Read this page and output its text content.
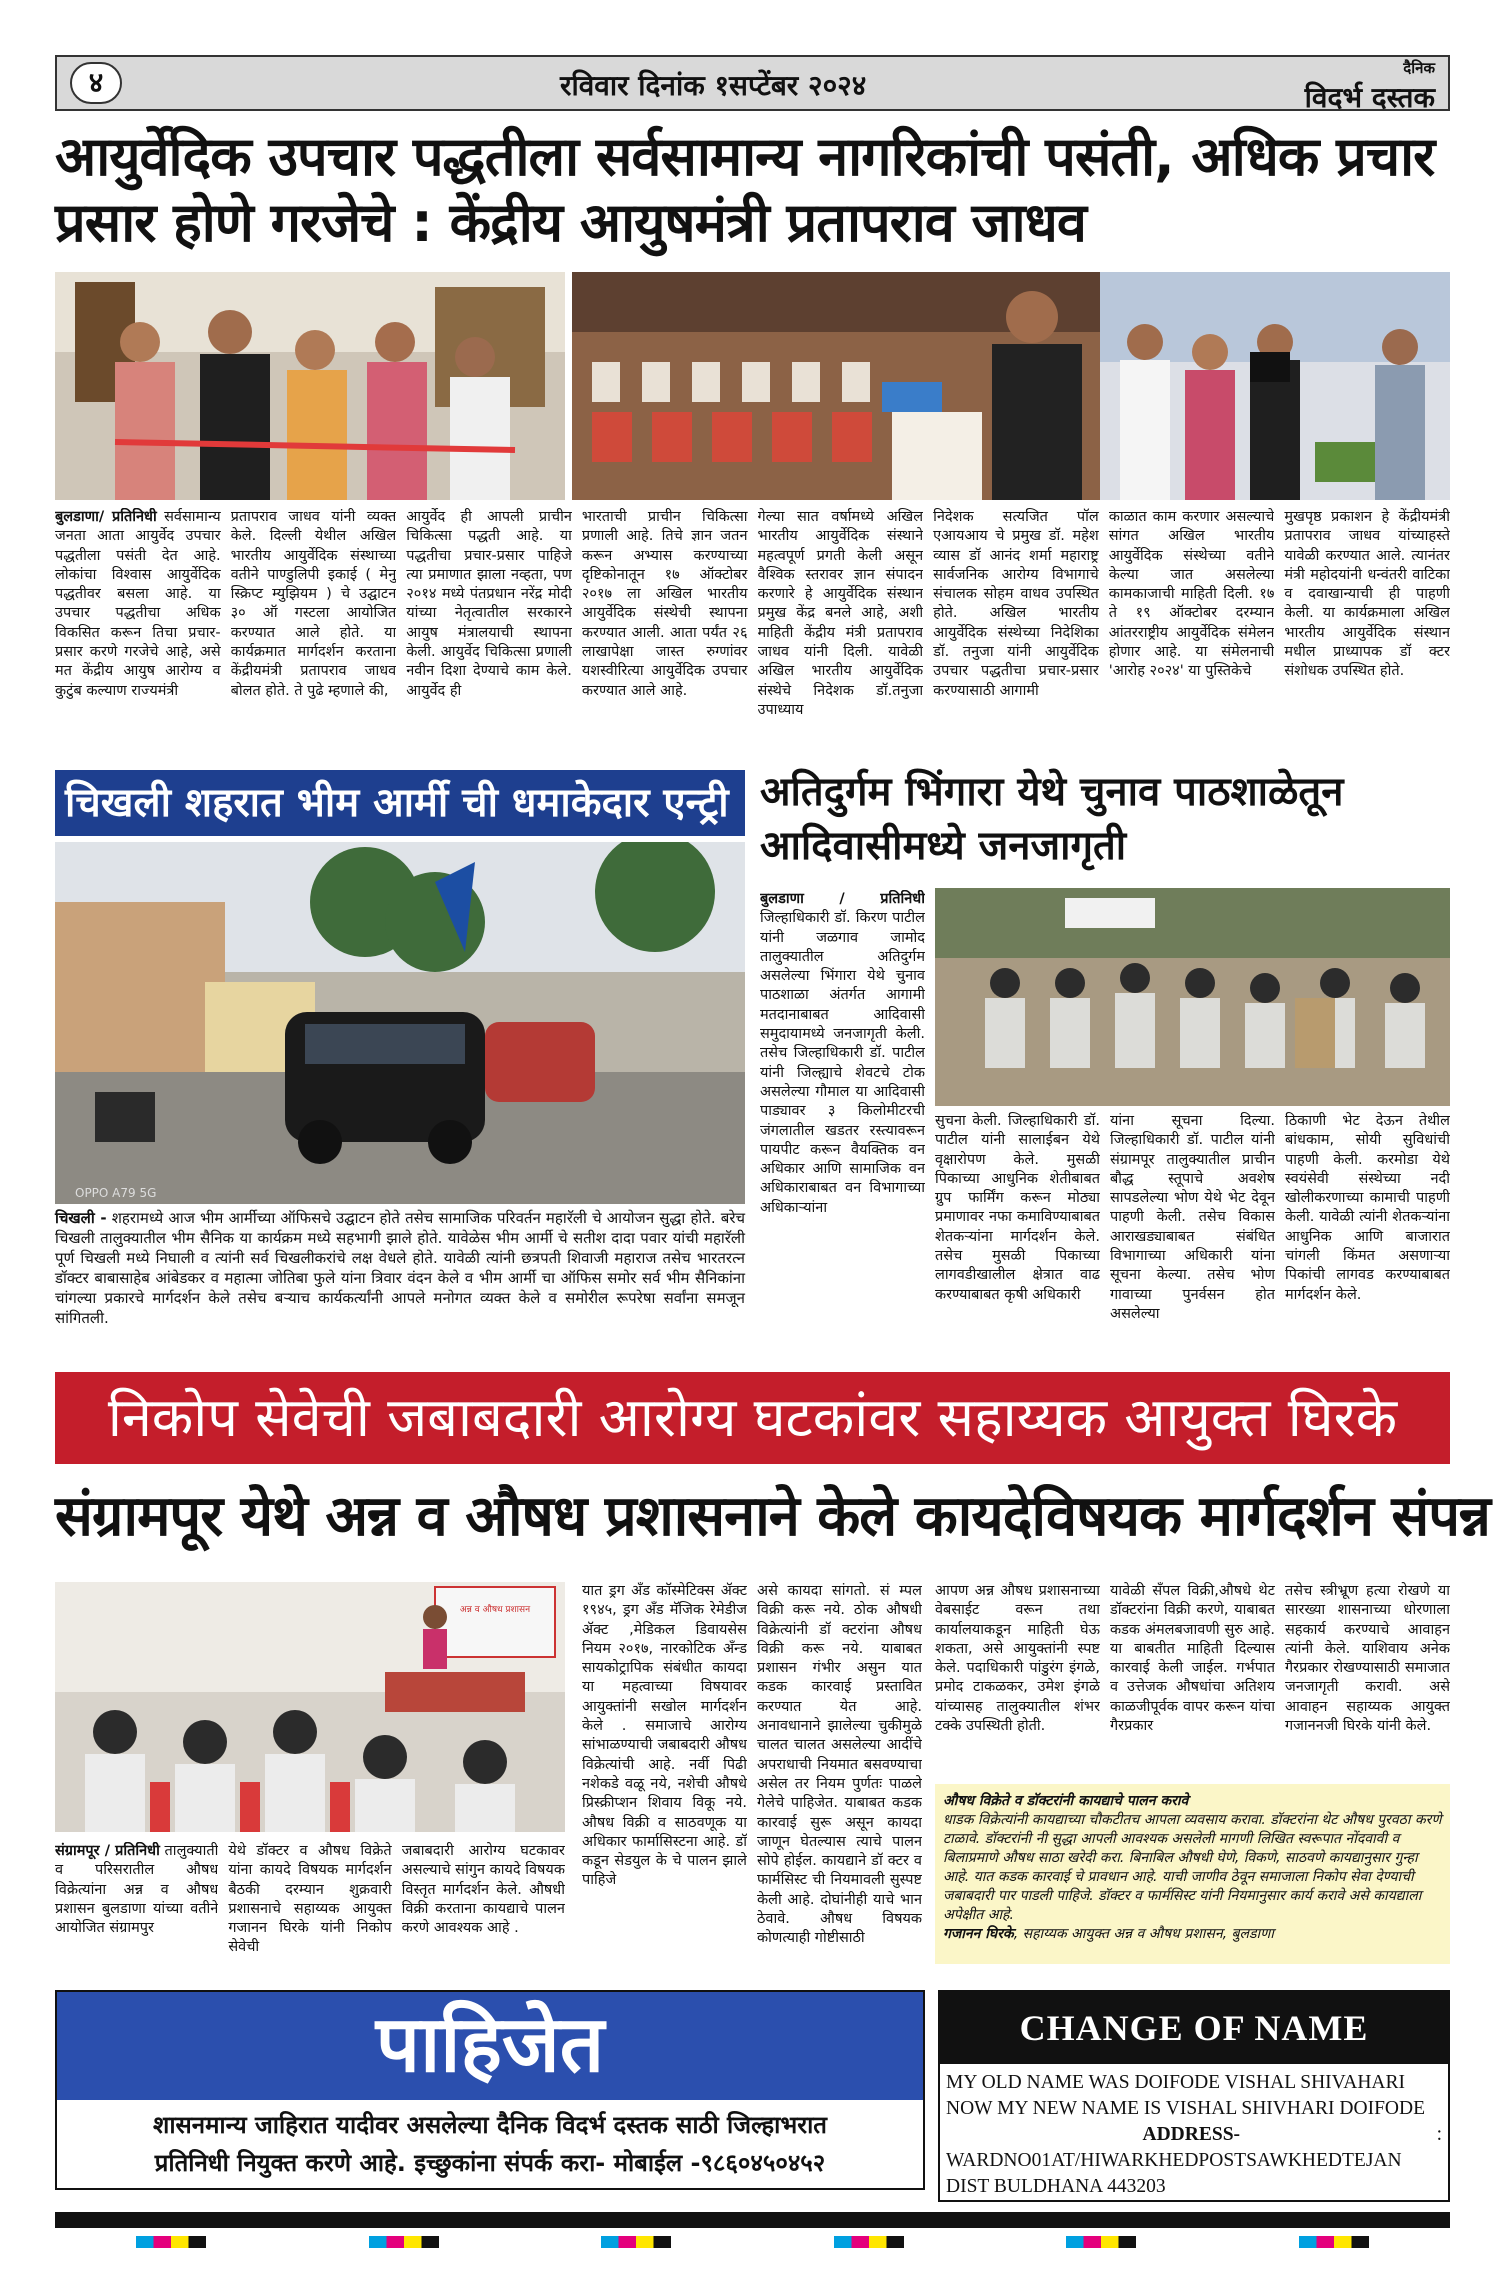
४	रविवार दिनांक १सप्टेंबर २०२४
दैनिक
विदर्भ दस्तक
आयुर्वेदिक उपचार पद्धतीला सर्वसामान्य नागरिकांची पसंती, अधिक प्रचार प्रसार होणे गरजेचे : केंद्रीय आयुषमंत्री प्रतापराव जाधव
बुलडाणा/ प्रतिनिधी सर्वसामान्य जनता आता आयुर्वेद उपचार पद्धतीला पसंती देत आहे. लोकांचा विश्वास आयुर्वेदिक पद्धतीवर बसला आहे. या उपचार पद्धतीचा अधिक विकसित करून तिचा प्रचार-प्रसार करणे गरजेचे आहे, असे मत केंद्रीय आयुष आरोग्य व कुटुंब कल्याण राज्यमंत्री
प्रतापराव जाधव यांनी व्यक्त केले. दिल्ली येथील अखिल भारतीय आयुर्वेदिक संस्थाच्या वतीने पाण्डुलिपी इकाई ( मेनु स्क्रिप्ट म्युझियम ) चे उद्घाटन ३० ऑ गस्टला आयोजित करण्यात आले होते. या कार्यक्रमात मार्गदर्शन करताना केंद्रीयमंत्री प्रतापराव जाधव बोलत होते. ते पुढे म्हणाले की,
आयुर्वेद ही आपली प्राचीन चिकित्सा पद्धती आहे. या पद्धतीचा प्रचार-प्रसार पाहिजे त्या प्रमाणात झाला नव्हता, पण २०१४ मध्ये पंतप्रधान नरेंद्र मोदी यांच्या नेतृत्वातील सरकारने आयुष मंत्रालयाची स्थापना केली. आयुर्वेद चिकित्सा प्रणाली नवीन दिशा देण्याचे काम केले. आयुर्वेद ही
भारताची प्राचीन चिकित्सा प्रणाली आहे. तिचे ज्ञान जतन करून अभ्यास करण्याच्या दृष्टिकोनातून १७ ऑक्टोबर २०१७ ला अखिल भारतीय आयुर्वेदिक संस्थेची स्थापना करण्यात आली. आता पर्यंत २६ लाखापेक्षा जास्त रुग्णांवर यशस्वीरित्या आयुर्वेदिक उपचार करण्यात आले आहे.
गेल्या सात वर्षामध्ये अखिल भारतीय आयुर्वेदिक संस्थाने महत्वपूर्ण प्रगती केली असून वैश्विक स्तरावर ज्ञान संपादन करणारे हे आयुर्वेदिक संस्थान प्रमुख केंद्र बनले आहे, अशी माहिती केंद्रीय मंत्री प्रतापराव जाधव यांनी दिली. यावेळी अखिल भारतीय आयुर्वेदिक संस्थेचे निदेशक डॉ.तनुजा उपाध्याय
निदेशक सत्यजित पॉल एआयआय चे प्रमुख डॉ. महेश व्यास डॉ आनंद शर्मा महाराष्ट्र सार्वजनिक आरोग्य विभागाचे संचालक सोहम वाधव उपस्थित होते. अखिल भारतीय आयुर्वेदिक संस्थेच्या निदेशिका डॉ. तनुजा यांनी आयुर्वेदिक उपचार पद्धतीचा प्रचार-प्रसार करण्यासाठी आगामी
काळात काम करणार असल्याचे सांगत अखिल भारतीय आयुर्वेदिक संस्थेच्या वतीने केल्या जात असलेल्या कामकाजाची माहिती दिली. १७ ते १९ ऑक्टोबर दरम्यान आंतरराष्ट्रीय आयुर्वेदिक संमेलन होणार आहे. या संमेलनाची 'आरोह २०२४' या पुस्तिकेचे
मुखपृष्ठ प्रकाशन हे केंद्रीयमंत्री प्रतापराव जाधव यांच्याहस्ते यावेळी करण्यात आले. त्यानंतर मंत्री महोदयांनी धन्वंतरी वाटिका व दवाखान्याची ही पाहणी केली. या कार्यक्रमाला अखिल भारतीय आयुर्वेदिक संस्थान मधील प्राध्यापक डॉ क्टर संशोधक उपस्थित होते.
चिखली शहरात भीम आर्मी ची धमाकेदार एन्ट्री
OPPO A79 5G
चिखली - शहरामध्ये आज भीम आर्मीच्या ऑफिसचे उद्घाटन होते तसेच सामाजिक परिवर्तन महारॅली चे आयोजन सुद्धा होते. बरेच चिखली तालुक्यातील भीम सैनिक या कार्यक्रम मध्ये सहभागी झाले होते. यावेळेस भीम आर्मी चे सतीश दादा पवार यांची महारॅली पूर्ण चिखली मध्ये निघाली व त्यांनी सर्व चिखलीकरांचे लक्ष वेधले होते. यावेळी त्यांनी छत्रपती शिवाजी महाराज तसेच भारतरत्न डॉक्टर बाबासाहेब आंबेडकर व महात्मा जोतिबा फुले यांना त्रिवार वंदन केले व भीम आर्मी चा ऑफिस समोर सर्व भीम सैनिकांना चांगल्या प्रकारचे मार्गदर्शन केले तसेच बऱ्याच कार्यकर्त्यांनी आपले मनोगत व्यक्त केले व समोरील रूपरेषा सर्वांना समजून सांगितली.
अतिदुर्गम भिंगारा येथे चुनाव पाठशाळेतून आदिवासीमध्ये जनजागृती
बुलडाणा / प्रतिनिधी जिल्हाधिकारी डॉ. किरण पाटील यांनी जळगाव जामोद तालुक्यातील अतिदुर्गम असलेल्या भिंगारा येथे चुनाव पाठशाळा अंतर्गत आगामी मतदानाबाबत आदिवासी समुदायामध्ये जनजागृती केली. तसेच जिल्हाधिकारी डॉ. पाटील यांनी जिल्ह्याचे शेवटचे टोक असलेल्या गौमाल या आदिवासी पाड्यावर ३ किलोमीटरची जंगलातील खडतर रस्त्यावरून पायपीट करून वैयक्तिक वन अधिकार आणि सामाजिक वन अधिकाराबाबत वन विभागाच्या अधिकाऱ्यांना
सुचना केली. जिल्हाधिकारी डॉ. पाटील यांनी सालाईबन येथे वृक्षारोपण केले. मुसळी पिकाच्या आधुनिक शेतीबाबत ग्रुप फार्मिंग करून मोठ्या प्रमाणावर नफा कमाविण्याबाबत शेतकऱ्यांना मार्गदर्शन केले. तसेच मुसळी पिकाच्या लागवडीखालील क्षेत्रात वाढ करण्याबाबत कृषी अधिकारी
यांना सूचना दिल्या. जिल्हाधिकारी डॉ. पाटील यांनी संग्रामपूर तालुक्यातील प्राचीन बौद्ध स्तूपाचे अवशेष सापडलेल्या भोण येथे भेट देवून पाहणी केली. तसेच विकास आराखड्याबाबत संबंधित विभागाच्या अधिकारी यांना सूचना केल्या. तसेच भोण गावाच्या पुनर्वसन होत असलेल्या
ठिकाणी भेट देऊन तेथील बांधकाम, सोयी सुविधांची पाहणी केली. करमोडा येथे स्वयंसेवी संस्थेच्या नदी खोलीकरणाच्या कामाची पाहणी केली. यावेळी त्यांनी शेतकऱ्यांना आधुनिक आणि बाजारात चांगली किंमत असणाऱ्या पिकांची लागवड करण्याबाबत मार्गदर्शन केले.
निकोप सेवेची जबाबदारी आरोग्य घटकांवर सहाय्यक आयुक्त घिरके
संग्रामपूर येथे अन्न व औषध प्रशासनाने केले कायदेविषयक मार्गदर्शन संपन्न
अन्न व औषध प्रशासन
संग्रामपूर / प्रतिनिधी तालुक्याती व परिसरातील औषध विक्रेत्यांना अन्न व औषध प्रशासन बुलडाणा यांच्या वतीने आयोजित संग्रामपुर
येथे डॉक्टर व औषध विक्रेते यांना कायदे विषयक मार्गदर्शन बैठकी दरम्यान शुक्रवारी प्रशासनाचे सहाय्यक आयुक्त गजानन घिरके यांनी निकोप सेवेची
जबाबदारी आरोग्य घटकावर असल्याचे सांगुन कायदे विषयक विस्तृत मार्गदर्शन केले. औषधी विक्री करताना कायद्याचे पालन करणे आवश्यक आहे .
यात ड्रग अँड कॉस्मेटिक्स ॲक्ट १९४५, ड्रग अँड मॅजिक रेमेडीज ॲक्ट ,मेडिकल डिवायसेस नियम २०१७, नारकोटिक अँन्ड सायकोट्रापिक संबंधीत कायदा या महत्वाच्या विषयावर आयुक्तांनी सखोल मार्गदर्शन केले . समाजाचे आरोग्य सांभाळण्याची जबाबदारी औषध विक्रेत्यांची आहे. नर्वी पिढी नशेकडे वळू नये, नशेची औषधे प्रिस्क्रीप्शन शिवाय विकू नये. औषध विक्री व साठवणूक या अधिकार फार्मासिस्टना आहे. डॉ कडून सेडयुल के चे पालन झाले पाहिजे
असे कायदा सांगतो. सं म्पल विक्री करू नये. ठोक औषधी विक्रेत्यांनी डॉ क्टरांना औषध विक्री करू नये. याबाबत प्रशासन गंभीर असुन यात कडक कारवाई प्रस्तावित करण्यात येत आहे. अनावधानाने झालेल्या चुकीमुळे चालत चालत असलेल्या आदींचे अपराधाची नियमात बसवण्याचा असेल तर नियम पुर्णतः पाळले गेलेचे पाहिजेत. याबाबत कडक कारवाई सुरू असून कायदा जाणून घेतल्यास त्याचे पालन सोपे होईल. कायद्याने डॉ क्टर व फार्मसिस्ट ची नियमावली सुस्पष्ट केली आहे. दोघांनीही याचे भान ठेवावे. औषध विषयक कोणत्याही गोष्टीसाठी
आपण अन्न औषध प्रशासनाच्या वेबसाईट वरून तथा कार्यालयाकडून माहिती घेऊ शकता, असे आयुक्तांनी स्पष्ट केले. पदाधिकारी पांडुरंग इंगळे, प्रमोद टाकळकर, उमेश इंगळे यांच्यासह तालुक्यातील शंभर टक्के उपस्थिती होती.
यावेळी सॅंपल विक्री,औषधे थेट डॉक्टरांना विक्री करणे, याबाबत कडक अंमलबजावणी सुरु आहे. या बाबतीत माहिती दिल्यास कारवाई केली जाईल. गर्भपात व उत्तेजक औषधांचा अतिशय काळजीपूर्वक वापर करून यांचा गैरप्रकार
तसेच स्त्रीभ्रूण हत्या रोखणे या सारख्या शासनाच्या धोरणाला सहकार्य करण्याचे आवाहन त्यांनी केले. याशिवाय अनेक गैरप्रकार रोखण्यासाठी समाजात जनजागृती करावी. असे आवाहन सहाय्यक आयुक्त गजाननजी घिरके यांनी केले.
औषध विक्रेते व डॉक्टरांनी कायद्याचे पालन करावे
धाडक विक्रेत्यांनी कायद्याच्या चौकटीतच आपला व्यवसाय करावा. डॉक्टरांना थेट औषध पुरवठा करणे टाळावे. डॉक्टरांनी नी सुद्धा आपली आवश्यक असलेली मागणी लिखित स्वरूपात नोंदवावी व बिलाप्रमाणे औषध साठा खरेदी करा. बिनाबिल औषधी घेणे, विकणे, साठवणे कायद्यानुसार गुन्हा आहे. यात कडक कारवाई चे प्रावधान आहे. याची जाणीव ठेवून समाजाला निकोप सेवा देण्याची जबाबदारी पार पाडली पाहिजे. डॉक्टर व फार्मसिस्ट यांनी नियमानुसार कार्य करावे असे कायद्याला अपेक्षीत आहे.
गजानन घिरके, सहाय्यक आयुक्त अन्न व औषध प्रशासन, बुलडाणा
पाहिजेत
शासनमान्य जाहिरात यादीवर असलेल्या दैनिक विदर्भ दस्तक साठी जिल्हाभरात
प्रतिनिधी नियुक्त करणे आहे. इच्छुकांना संपर्क करा- मोबाईल -९८६०४५०४५२
CHANGE OF NAME
MY OLD NAME WAS DOIFODE VISHAL SHIVAHARI
NOW MY NEW NAME IS VISHAL SHIVHARI DOIFODE
ADDRESS-	:
WARDNO01AT/HIWARKHEDPOSTSAWKHEDTEJAN
DIST BULDHANA 443203
